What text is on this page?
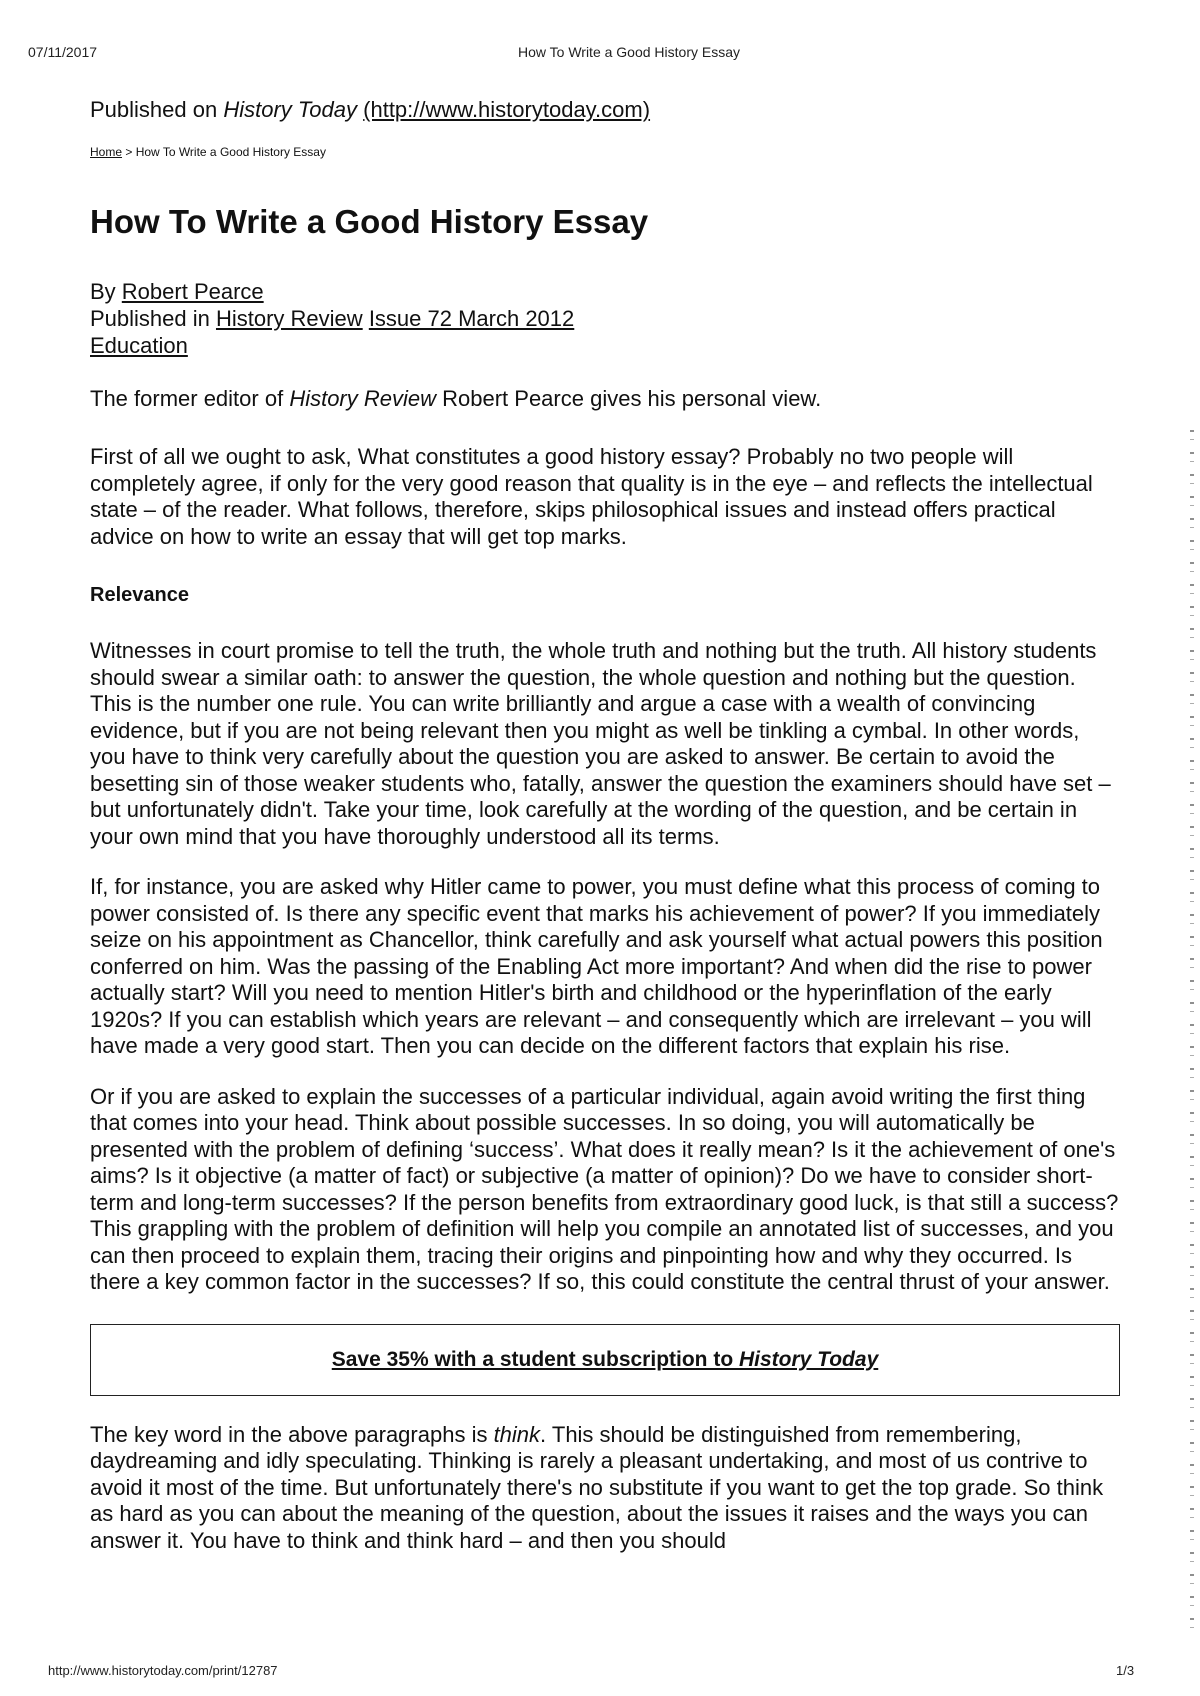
07/11/2017	How To Write a Good History Essay

Published on History Today (http://www.historytoday.com)

Home > How To Write a Good History Essay
How To Write a Good History Essay
By Robert Pearce
Published in History Review Issue 72 March 2012
Education

The former editor of History Review Robert Pearce gives his personal view.

First of all we ought to ask, What constitutes a good history essay? Probably no two people will completely agree, if only for the very good reason that quality is in the eye – and reflects the intellectual state – of the reader. What follows, therefore, skips philosophical issues and instead offers practical advice on how to write an essay that will get top marks.

Relevance

Witnesses in court promise to tell the truth, the whole truth and nothing but the truth. All history students should swear a similar oath: to answer the question, the whole question and nothing but the question. This is the number one rule. You can write brilliantly and argue a case with a wealth of convincing evidence, but if you are not being relevant then you might as well be tinkling a cymbal. In other words, you have to think very carefully about the question you are asked to answer. Be certain to avoid the besetting sin of those weaker students who, fatally, answer the question the examiners should have set – but unfortunately didn't. Take your time, look carefully at the wording of the question, and be certain in your own mind that you have thoroughly understood all its terms.

If, for instance, you are asked why Hitler came to power, you must define what this process of coming to power consisted of. Is there any specific event that marks his achievement of power? If you immediately seize on his appointment as Chancellor, think carefully and ask yourself what actual powers this position conferred on him. Was the passing of the Enabling Act more important? And when did the rise to power actually start? Will you need to mention Hitler's birth and childhood or the hyperinflation of the early 1920s? If you can establish which years are relevant – and consequently which are irrelevant – you will have made a very good start. Then you can decide on the different factors that explain his rise.

Or if you are asked to explain the successes of a particular individual, again avoid writing the first thing that comes into your head. Think about possible successes. In so doing, you will automatically be presented with the problem of defining ‘success’. What does it really mean? Is it the achievement of one's aims? Is it objective (a matter of fact) or subjective (a matter of opinion)? Do we have to consider short-term and long-term successes? If the person benefits from extraordinary good luck, is that still a success? This grappling with the problem of definition will help you compile an annotated list of successes, and you can then proceed to explain them, tracing their origins and pinpointing how and why they occurred. Is there a key common factor in the successes? If so, this could constitute the central thrust of your answer.

Save 35% with a student subscription to History Today

The key word in the above paragraphs is think. This should be distinguished from remembering, daydreaming and idly speculating. Thinking is rarely a pleasant undertaking, and most of us contrive to avoid it most of the time. But unfortunately there's no substitute if you want to get the top grade. So think as hard as you can about the meaning of the question, about the issues it raises and the ways you can answer it. You have to think and think hard – and then you should

http://www.historytoday.com/print/12787	1/3
